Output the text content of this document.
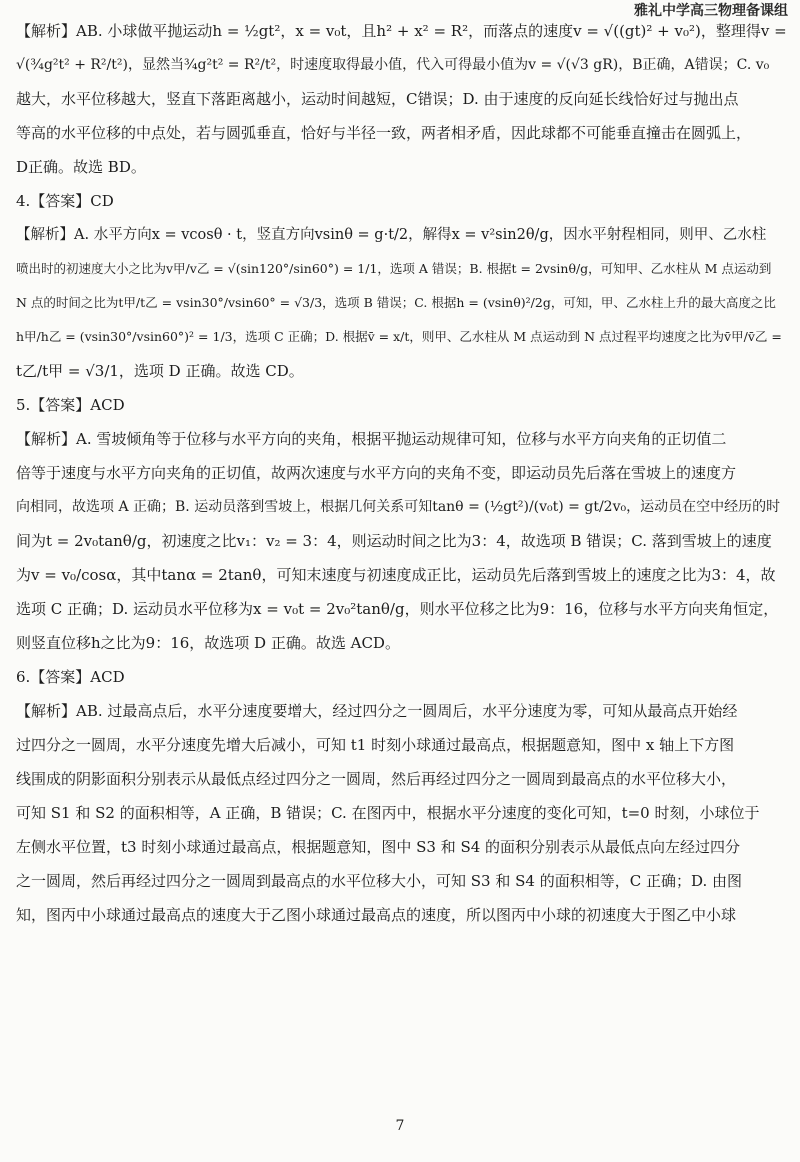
雅礼中学高三物理备课组
【解析】AB. 小球做平抛运动h = ½gt²，x = v₀t，且h² + x² = R²，而落点的速度v = √((gt)² + v₀²)，整理得v =
√(¾g²t² + R²/t²)，显然当¾g²t² = R²/t²，时速度取得最小值，代入可得最小值为v = √(√3 gR)，B正确，A错误；C. v₀
越大，水平位移越大，竖直下落距离越小，运动时间越短，C错误；D. 由于速度的反向延长线恰好过与抛出点
等高的水平位移的中点处，若与圆弧垂直，恰好与半径一致，两者相矛盾，因此球都不可能垂直撞击在圆弧上，
D正确。故选 BD。
4.【答案】CD
【解析】A. 水平方向x = vcosθ · t，竖直方向vsinθ = g·t/2，解得x = v²sin2θ/g，因水平射程相同，则甲、乙水柱
喷出时的初速度大小之比为v甲/v乙 = √(sin120°/sin60°) = 1/1，选项 A 错误；B. 根据t = 2vsinθ/g，可知甲、乙水柱从 M 点运动到
N 点的时间之比为t甲/t乙 = vsin30°/vsin60° = √3/3，选项 B 错误；C. 根据h = (vsinθ)²/2g，可知，甲、乙水柱上升的最大高度之比
h甲/h乙 = (vsin30°/vsin60°)² = 1/3，选项 C 正确；D. 根据v̄ = x/t，则甲、乙水柱从 M 点运动到 N 点过程平均速度之比为v̄甲/v̄乙 =
t乙/t甲 = √3/1，选项 D 正确。故选 CD。
5.【答案】ACD
【解析】A. 雪坡倾角等于位移与水平方向的夹角，根据平抛运动规律可知，位移与水平方向夹角的正切值二
倍等于速度与水平方向夹角的正切值，故两次速度与水平方向的夹角不变，即运动员先后落在雪坡上的速度方
向相同，故选项 A 正确；B. 运动员落到雪坡上，根据几何关系可知tanθ = (½gt²)/(v₀t) = gt/2v₀，运动员在空中经历的时
间为t = 2v₀tanθ/g，初速度之比v₁：v₂ = 3：4，则运动时间之比为3：4，故选项 B 错误；C. 落到雪坡上的速度
为v = v₀/cosα，其中tanα = 2tanθ，可知末速度与初速度成正比，运动员先后落到雪坡上的速度之比为3：4，故
选项 C 正确；D. 运动员水平位移为x = v₀t = 2v₀²tanθ/g，则水平位移之比为9：16，位移与水平方向夹角恒定，
则竖直位移h之比为9：16，故选项 D 正确。故选 ACD。
6.【答案】ACD
【解析】AB. 过最高点后，水平分速度要增大，经过四分之一圆周后，水平分速度为零，可知从最高点开始经
过四分之一圆周，水平分速度先增大后减小，可知 t1 时刻小球通过最高点，根据题意知，图中 x 轴上下方图
线围成的阴影面积分别表示从最低点经过四分之一圆周，然后再经过四分之一圆周到最高点的水平位移大小，
可知 S1 和 S2 的面积相等，A 正确，B 错误；C. 在图丙中，根据水平分速度的变化可知，t=0 时刻，小球位于
左侧水平位置，t3 时刻小球通过最高点，根据题意知，图中 S3 和 S4 的面积分别表示从最低点向左经过四分
之一圆周，然后再经过四分之一圆周到最高点的水平位移大小，可知 S3 和 S4 的面积相等，C 正确；D. 由图
知，图丙中小球通过最高点的速度大于乙图小球通过最高点的速度，所以图丙中小球的初速度大于图乙中小球
7
